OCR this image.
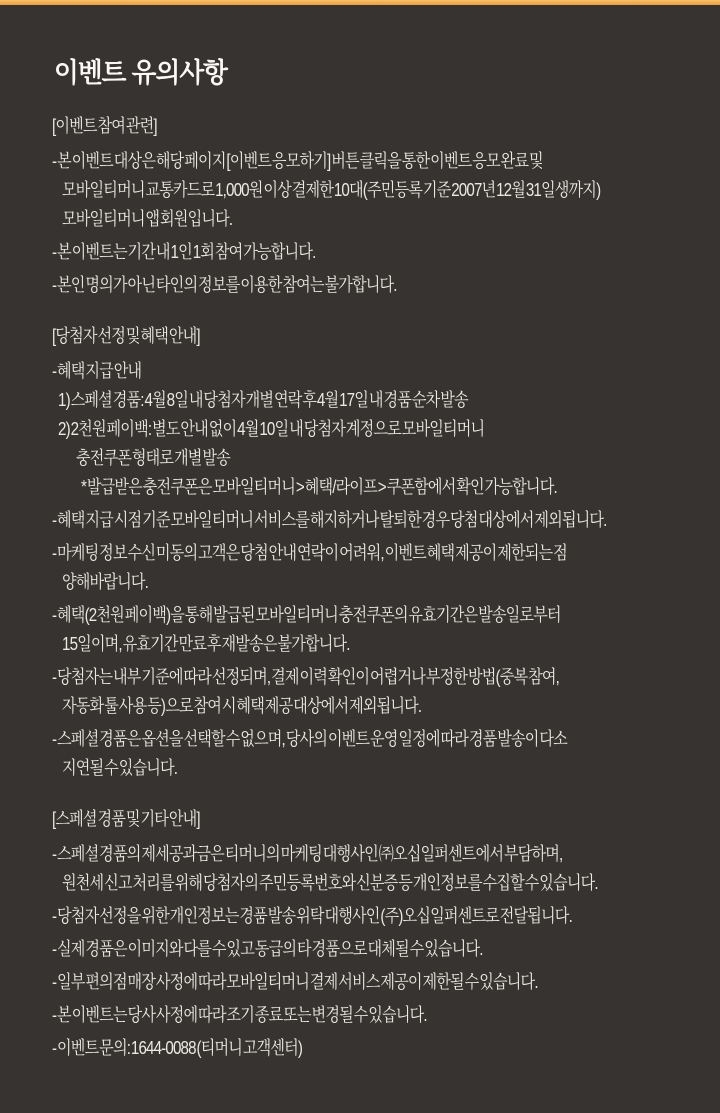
이벤트 유의사항
[이벤트 참여 관련]
- 본 이벤트 대상은 해당 페이지 [이벤트 응모하기] 버튼 클릭을 통한 이벤트 응모 완료 및
모바일티머니 교통카드로 1,000원 이상 결제한 10대(주민등록 기준 2007년 12월 31일생까지)
모바일티머니 앱 회원입니다.
- 본 이벤트는 기간 내 1인 1회 참여 가능합니다.
- 본인 명의가 아닌 타인의 정보를 이용한 참여는 불가합니다.
[당첨자 선정 및 혜택 안내]
- 혜택 지급 안내
1) 스페셜 경품: 4월 8일 내 당첨자 개별 연락 후 4월 17일 내 경품 순차 발송
2) 2천원 페이백: 별도 안내 없이 4월 10일 내 당첨자 계정으로 모바일티머니
충전쿠폰 형태로 개별 발송
* 발급받은 충전쿠폰은 모바일티머니 > 혜택/라이프 > 쿠폰함에서 확인 가능합니다.
- 혜택 지급 시점 기준 모바일티머니 서비스를 해지하거나 탈퇴한 경우 당첨 대상에서 제외됩니다.
- 마케팅 정보 수신 미동의 고객은 당첨 안내 연락이 어려워, 이벤트 혜택 제공이 제한되는 점
양해바랍니다.
- 혜택(2천원 페이백)을 통해 발급된 모바일티머니 충전쿠폰의 유효기간은 발송일로부터
15일이며, 유효기간 만료 후 재발송은 불가합니다.
- 당첨자는 내부 기준에 따라 선정되며, 결제 이력 확인이 어렵거나 부정한 방법(중복 참여,
자동화 툴 사용 등)으로 참여 시 혜택 제공 대상에서 제외됩니다.
- 스페셜 경품은 옵션을 선택할 수 없으며, 당사의 이벤트 운영 일정에 따라 경품 발송이 다소
지연될 수 있습니다.
[스페셜 경품 및 기타 안내]
- 스페셜 경품의 제세공과금은 티머니의 마케팅 대행사인 ㈜오십일퍼센트에서 부담하며,
원천세 신고 처리를 위해 당첨자의 주민등록번호와 신분증 등 개인정보를 수집할 수 있습니다.
- 당첨자 선정을 위한 개인정보는 경품 발송 위탁 대행사인 (주)오십일퍼센트로 전달됩니다.
- 실제 경품은 이미지와 다를 수 있고 동급의 타 경품으로 대체될 수 있습니다.
- 일부 편의점 매장 사정에 따라 모바일티머니 결제 서비스 제공이 제한될 수 있습니다.
- 본 이벤트는 당사 사정에 따라 조기 종료 또는 변경될 수 있습니다.
- 이벤트 문의: 1644-0088 (티머니 고객센터)
